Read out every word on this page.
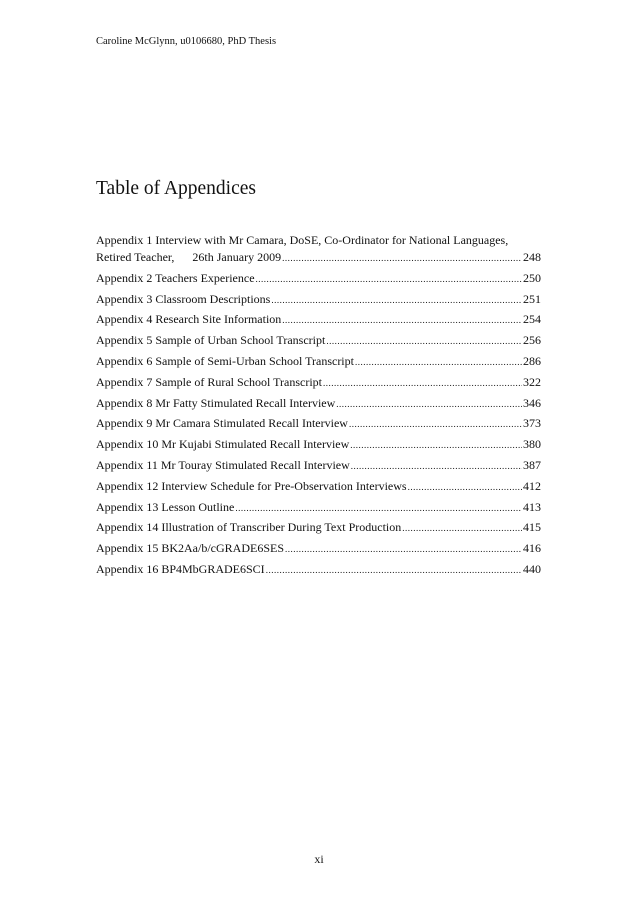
Caroline McGlynn, u0106680, PhD Thesis
Table of Appendices
Appendix 1 Interview with Mr Camara, DoSE, Co-Ordinator for National Languages,
Retired Teacher, 26th January 2009 .....	248
Appendix 2 Teachers Experience .....	250
Appendix 3 Classroom Descriptions .....	251
Appendix 4 Research Site Information .....	254
Appendix 5 Sample of Urban School Transcript .....	256
Appendix 6 Sample of Semi-Urban School Transcript .....	286
Appendix 7 Sample of Rural School Transcript .....	322
Appendix 8 Mr Fatty Stimulated Recall Interview .....	346
Appendix 9 Mr Camara Stimulated Recall Interview .....	373
Appendix 10 Mr Kujabi Stimulated Recall Interview .....	380
Appendix 11 Mr Touray Stimulated Recall Interview .....	387
Appendix 12 Interview Schedule for Pre-Observation Interviews .....	412
Appendix 13 Lesson Outline .....	413
Appendix 14 Illustration of Transcriber During Text Production .....	415
Appendix 15 BK2Aa/b/cGRADE6SES .....	416
Appendix 16 BP4MbGRADE6SCI .....	440
xi
